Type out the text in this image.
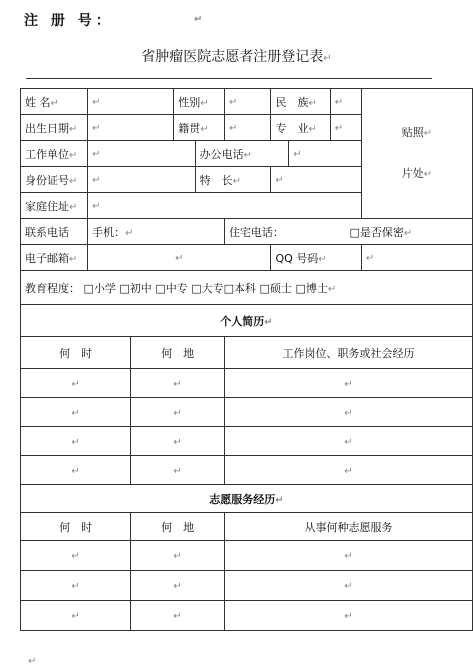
注 册 号：	↵
省肿瘤医院志愿者注册登记表↵
姓 名↵	↵		性别↵		↵	民　族↵		↵	贴照↵

片处↵
出生日期↵	↵		籍贯↵		↵	专　业↵		↵	
工作单位↵	↵			办公电话↵			↵		
身份证号↵	↵			特　长↵		↵			
家庭住址↵	↵								
联系电话	手机：↵				住宅电话： □是否保密↵				
电子邮箱↵	↵					QQ 号码↵			↵
教育程度： □小学 □初中 □中专 □大专□本科 □硕士 □博士↵									
个人简历↵									
何　时		何　地			工作岗位、职务或社会经历				
↵		↵			↵				
↵		↵			↵				
↵		↵			↵				
↵		↵			↵				
志愿服务经历↵									
何　时		何　地			从事何种志愿服务				
↵		↵			↵				
↵		↵			↵				
↵		↵			↵				
↵
